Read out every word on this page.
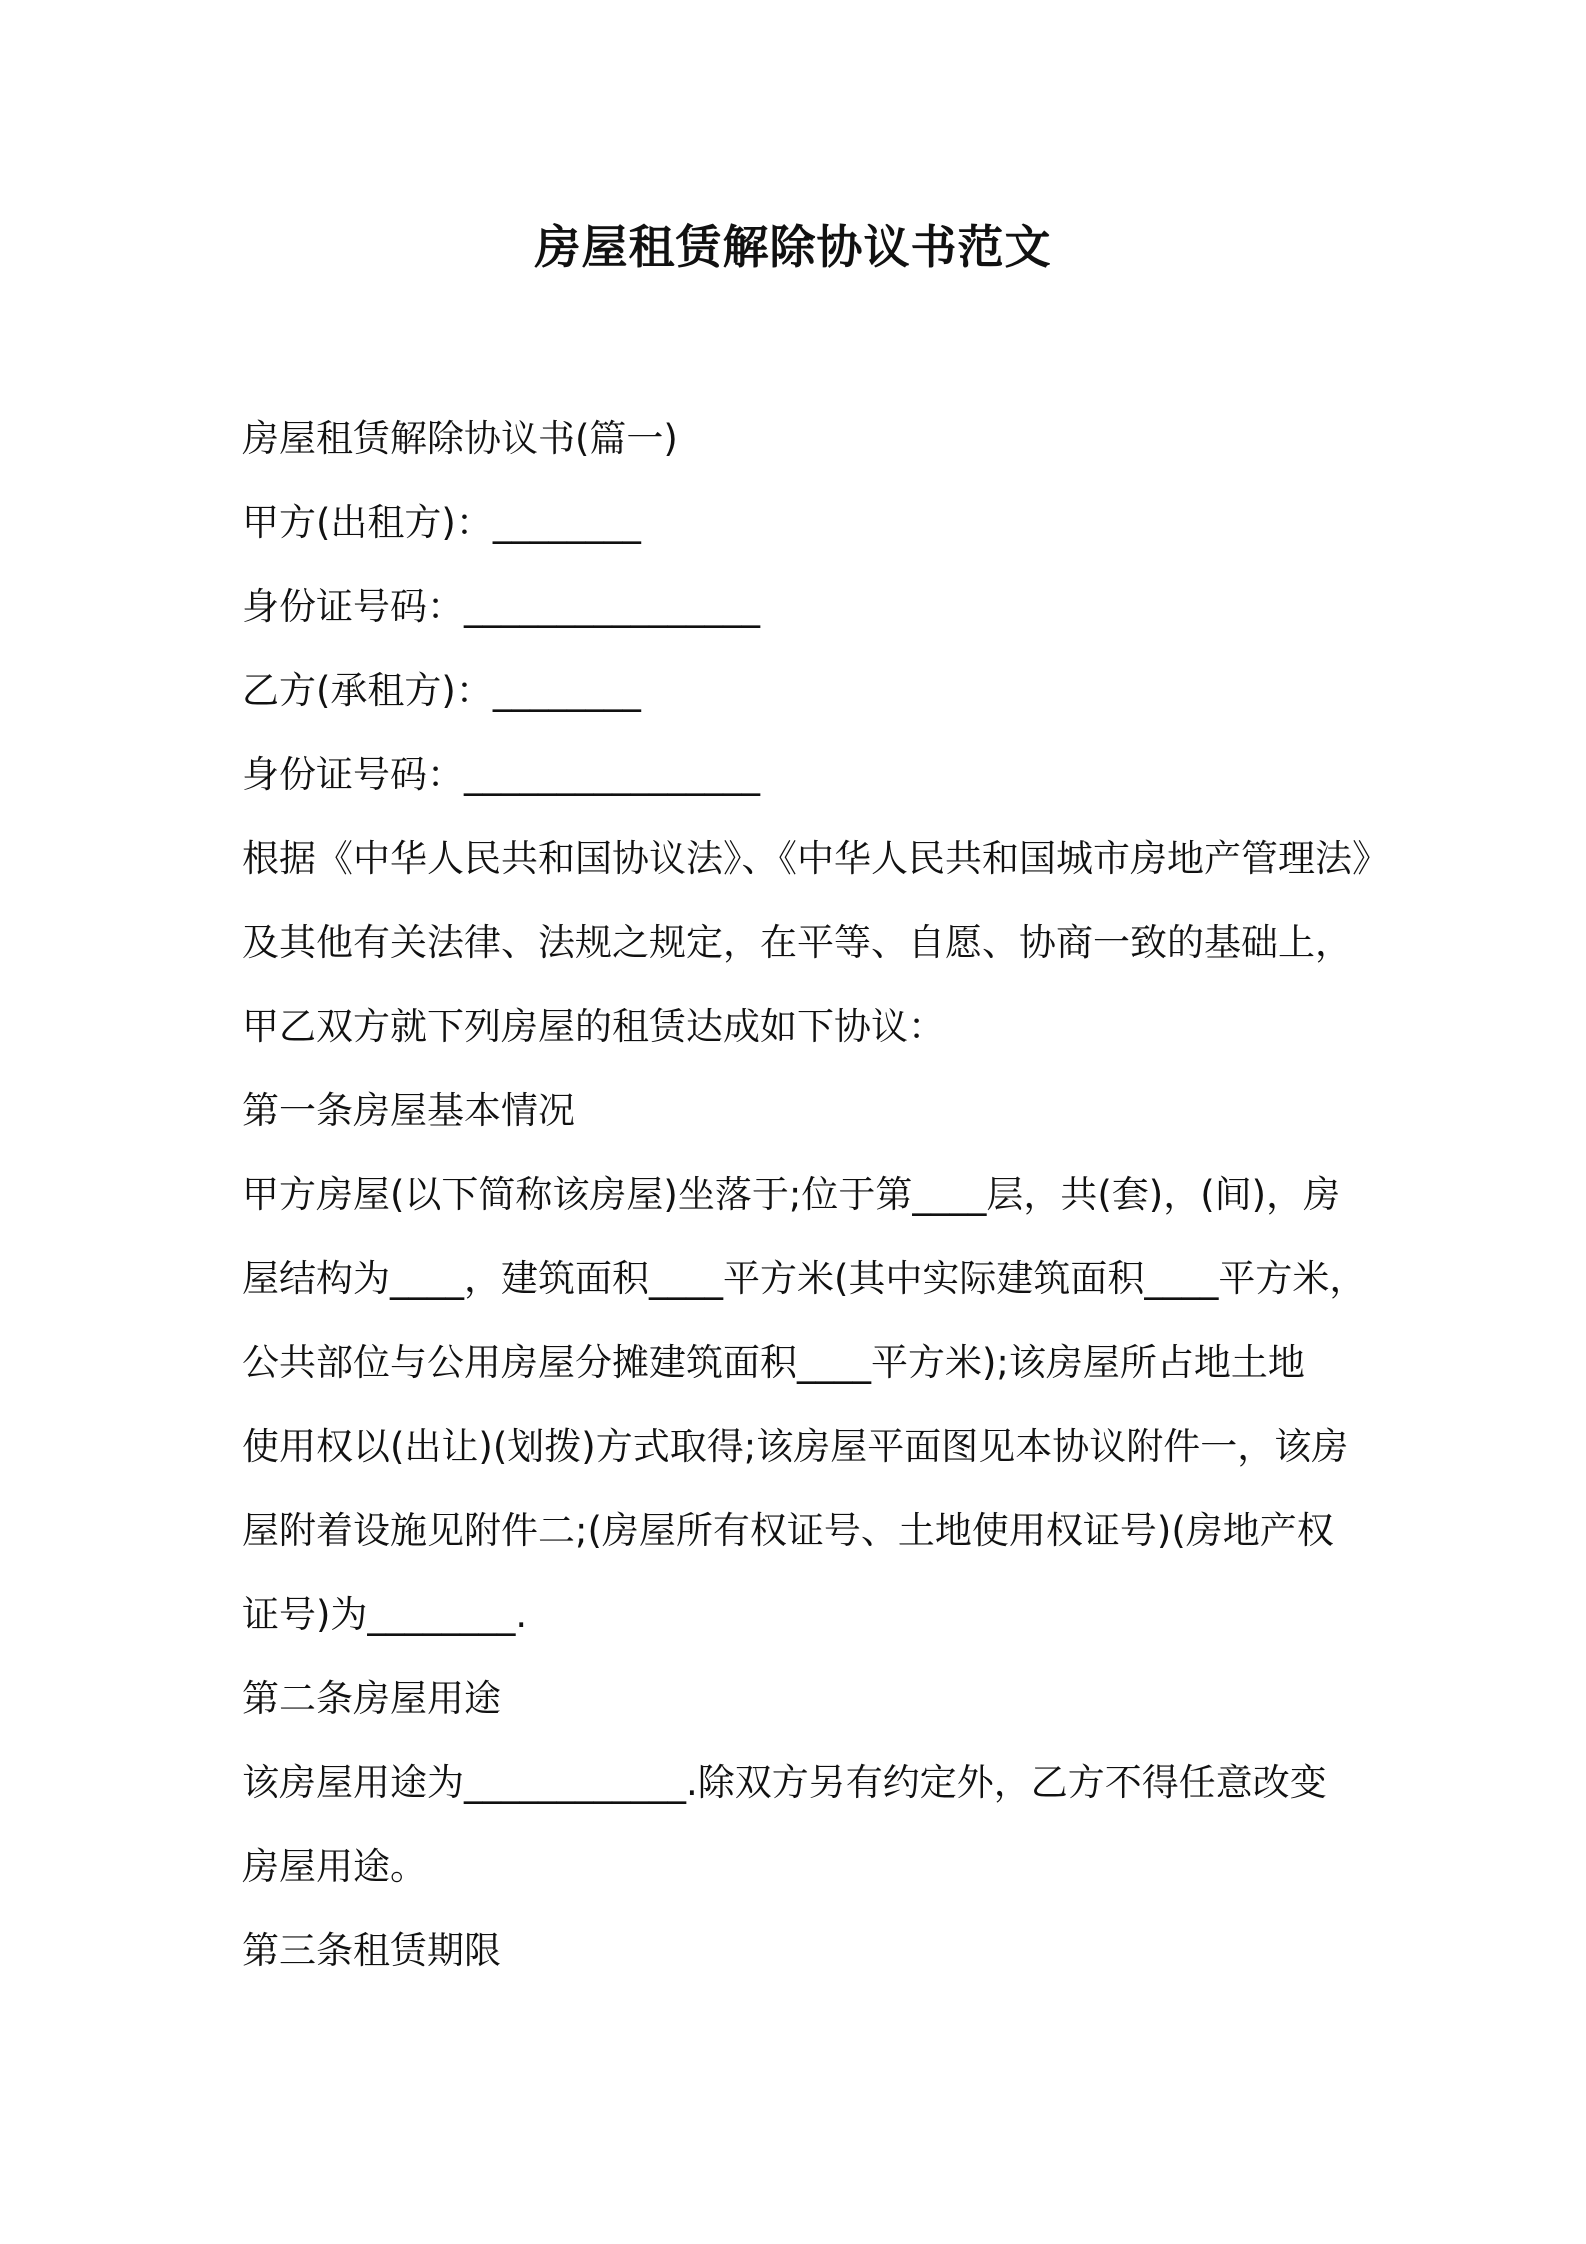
房屋租赁解除协议书范文

房屋租赁解除协议书(篇一)

甲方(出租方)：________

身份证号码：________________

乙方(承租方)：________

身份证号码：________________

根据《中华人民共和国协议法》、《中华人民共和国城市房地产管理法》

及其他有关法律、法规之规定，在平等、自愿、协商一致的基础上，

甲乙双方就下列房屋的租赁达成如下协议：

第一条房屋基本情况

甲方房屋(以下简称该房屋)坐落于;位于第____层，共(套)，(间)，房

屋结构为____，建筑面积____平方米(其中实际建筑面积____平方米，

公共部位与公用房屋分摊建筑面积____平方米);该房屋所占地土地

使用权以(出让)(划拨)方式取得;该房屋平面图见本协议附件一，该房

屋附着设施见附件二;(房屋所有权证号、土地使用权证号)(房地产权

证号)为________.

第二条房屋用途

该房屋用途为____________.除双方另有约定外，乙方不得任意改变

房屋用途。

第三条租赁期限
